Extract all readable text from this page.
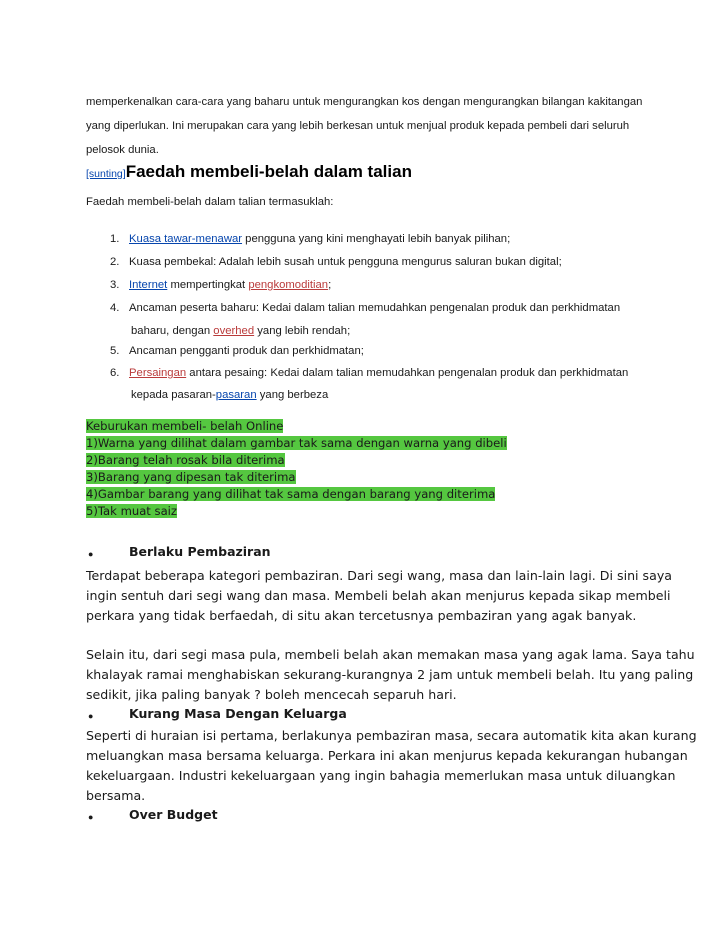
memperkenalkan cara-cara yang baharu untuk mengurangkan kos dengan mengurangkan bilangan kakitangan
yang diperlukan. Ini merupakan cara yang lebih berkesan untuk menjual produk kepada pembeli dari seluruh
pelosok dunia.
[sunting]Faedah membeli-belah dalam talian
Faedah membeli-belah dalam talian termasuklah:
1. Kuasa tawar-menawar pengguna yang kini menghayati lebih banyak pilihan;
2. Kuasa pembekal: Adalah lebih susah untuk pengguna mengurus saluran bukan digital;
3. Internet mempertingkat pengkomoditian;
4. Ancaman peserta baharu: Kedai dalam talian memudahkan pengenalan produk dan perkhidmatan
baharu, dengan overhed yang lebih rendah;
5. Ancaman pengganti produk dan perkhidmatan;
6. Persaingan antara pesaing: Kedai dalam talian memudahkan pengenalan produk dan perkhidmatan
kepada pasaran-pasaran yang berbeza
Keburukan membeli- belah Online
1)Warna yang dilihat dalam gambar tak sama dengan warna yang dibeli
2)Barang telah rosak bila diterima
3)Barang yang dipesan tak diterima
4)Gambar barang yang dilihat tak sama dengan barang yang diterima
5)Tak muat saiz
●	Berlaku Pembaziran
Terdapat beberapa kategori pembaziran. Dari segi wang, masa dan lain-lain lagi. Di sini saya
ingin sentuh dari segi wang dan masa. Membeli belah akan menjurus kepada sikap membeli
perkara yang tidak berfaedah, di situ akan tercetusnya pembaziran yang agak banyak.
Selain itu, dari segi masa pula, membeli belah akan memakan masa yang agak lama. Saya tahu
khalayak ramai menghabiskan sekurang-kurangnya 2 jam untuk membeli belah. Itu yang paling
sedikit, jika paling banyak ? boleh mencecah separuh hari.
●	Kurang Masa Dengan Keluarga
Seperti di huraian isi pertama, berlakunya pembaziran masa, secara automatik kita akan kurang
meluangkan masa bersama keluarga. Perkara ini akan menjurus kepada kekurangan hubangan
kekeluargaan. Industri kekeluargaan yang ingin bahagia memerlukan masa untuk diluangkan
bersama.
●	Over Budget
